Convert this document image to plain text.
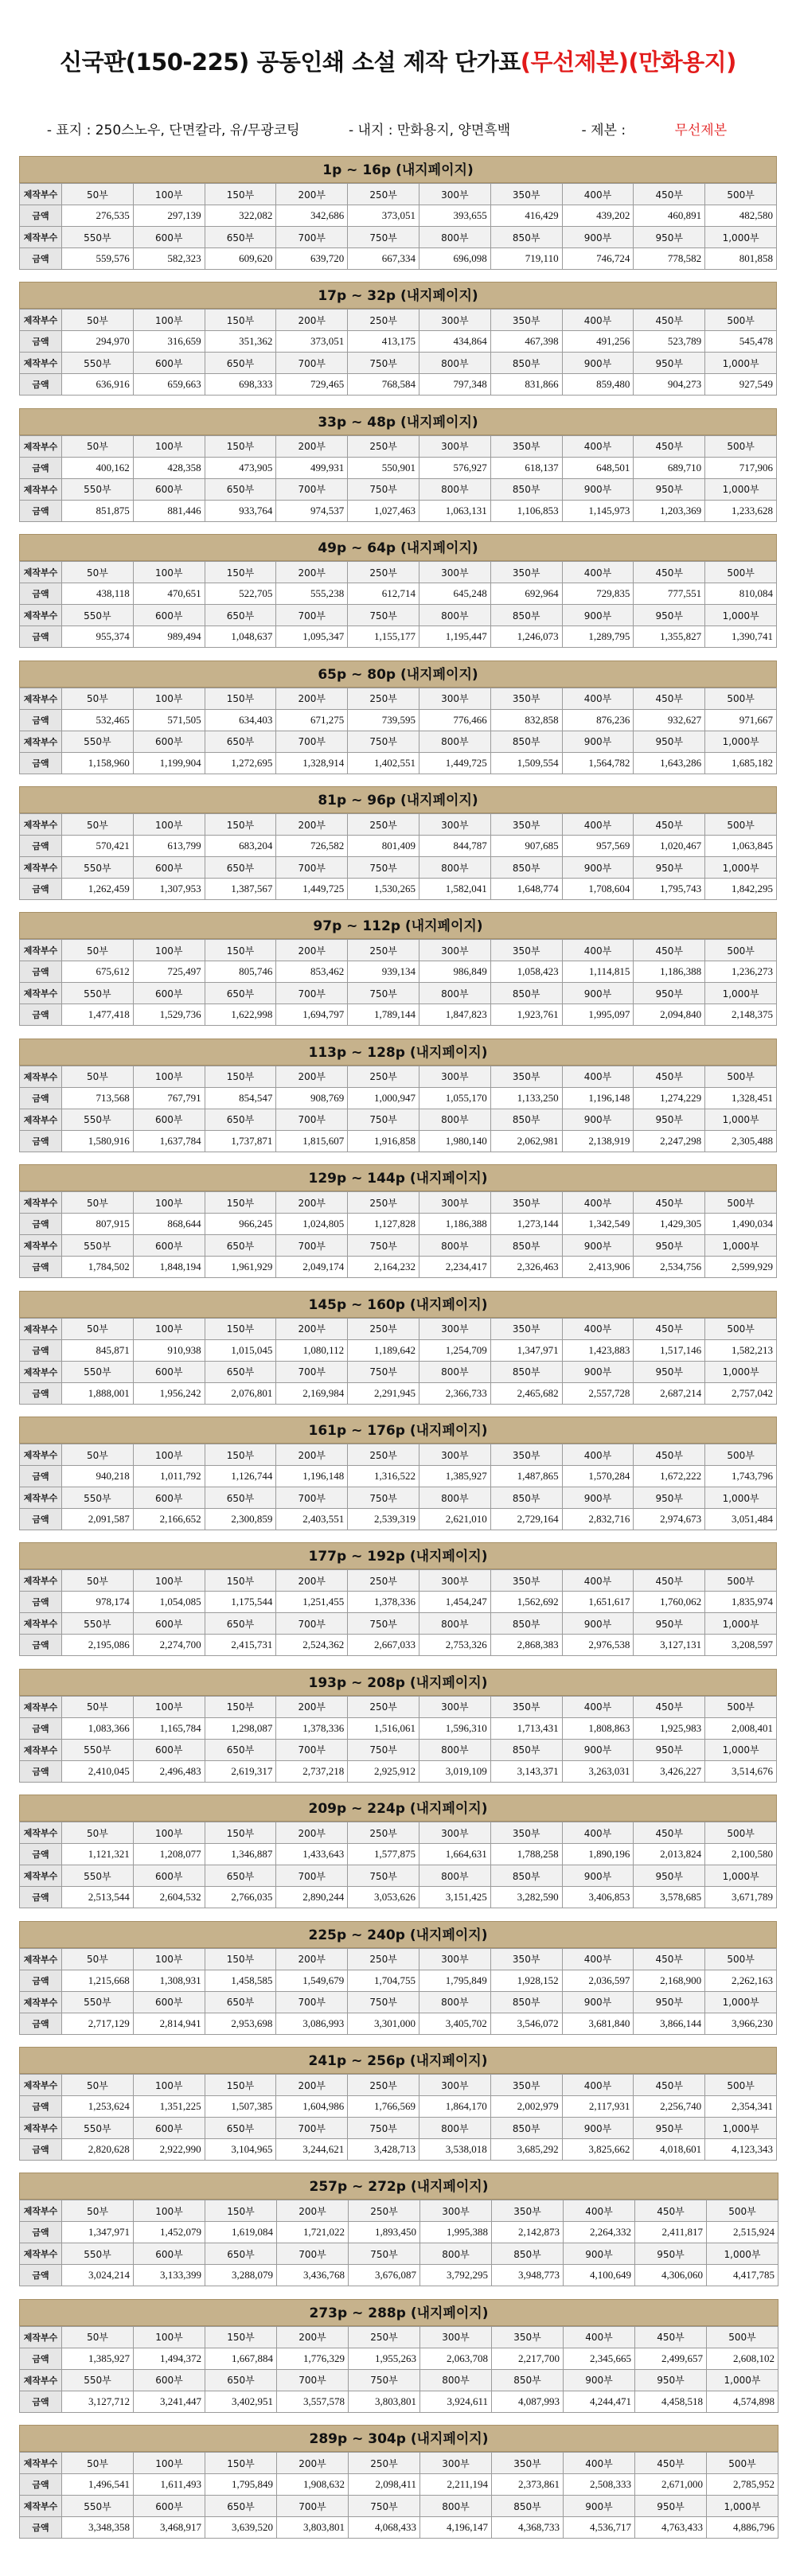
신국판(150-225) 공동인쇄 소설 제작 단가표(무선제본)(만화용지)
- 표지 : 250스노우, 단면칼라, 유/무광코팅	- 내지 : 만화용지, 양면흑백	- 제본 :	무선제본
1p ~ 16p (내지페이지)
제작부수	50부	100부	150부	200부	250부	300부	350부	400부	450부	500부
금액	276,535	297,139	322,082	342,686	373,051	393,655	416,429	439,202	460,891	482,580
제작부수	550부	600부	650부	700부	750부	800부	850부	900부	950부	1,000부
금액	559,576	582,323	609,620	639,720	667,334	696,098	719,110	746,724	778,582	801,858
17p ~ 32p (내지페이지)
제작부수	50부	100부	150부	200부	250부	300부	350부	400부	450부	500부
금액	294,970	316,659	351,362	373,051	413,175	434,864	467,398	491,256	523,789	545,478
제작부수	550부	600부	650부	700부	750부	800부	850부	900부	950부	1,000부
금액	636,916	659,663	698,333	729,465	768,584	797,348	831,866	859,480	904,273	927,549
33p ~ 48p (내지페이지)
제작부수	50부	100부	150부	200부	250부	300부	350부	400부	450부	500부
금액	400,162	428,358	473,905	499,931	550,901	576,927	618,137	648,501	689,710	717,906
제작부수	550부	600부	650부	700부	750부	800부	850부	900부	950부	1,000부
금액	851,875	881,446	933,764	974,537	1,027,463	1,063,131	1,106,853	1,145,973	1,203,369	1,233,628
49p ~ 64p (내지페이지)
제작부수	50부	100부	150부	200부	250부	300부	350부	400부	450부	500부
금액	438,118	470,651	522,705	555,238	612,714	645,248	692,964	729,835	777,551	810,084
제작부수	550부	600부	650부	700부	750부	800부	850부	900부	950부	1,000부
금액	955,374	989,494	1,048,637	1,095,347	1,155,177	1,195,447	1,246,073	1,289,795	1,355,827	1,390,741
65p ~ 80p (내지페이지)
제작부수	50부	100부	150부	200부	250부	300부	350부	400부	450부	500부
금액	532,465	571,505	634,403	671,275	739,595	776,466	832,858	876,236	932,627	971,667
제작부수	550부	600부	650부	700부	750부	800부	850부	900부	950부	1,000부
금액	1,158,960	1,199,904	1,272,695	1,328,914	1,402,551	1,449,725	1,509,554	1,564,782	1,643,286	1,685,182
81p ~ 96p (내지페이지)
제작부수	50부	100부	150부	200부	250부	300부	350부	400부	450부	500부
금액	570,421	613,799	683,204	726,582	801,409	844,787	907,685	957,569	1,020,467	1,063,845
제작부수	550부	600부	650부	700부	750부	800부	850부	900부	950부	1,000부
금액	1,262,459	1,307,953	1,387,567	1,449,725	1,530,265	1,582,041	1,648,774	1,708,604	1,795,743	1,842,295
97p ~ 112p (내지페이지)
제작부수	50부	100부	150부	200부	250부	300부	350부	400부	450부	500부
금액	675,612	725,497	805,746	853,462	939,134	986,849	1,058,423	1,114,815	1,186,388	1,236,273
제작부수	550부	600부	650부	700부	750부	800부	850부	900부	950부	1,000부
금액	1,477,418	1,529,736	1,622,998	1,694,797	1,789,144	1,847,823	1,923,761	1,995,097	2,094,840	2,148,375
113p ~ 128p (내지페이지)
제작부수	50부	100부	150부	200부	250부	300부	350부	400부	450부	500부
금액	713,568	767,791	854,547	908,769	1,000,947	1,055,170	1,133,250	1,196,148	1,274,229	1,328,451
제작부수	550부	600부	650부	700부	750부	800부	850부	900부	950부	1,000부
금액	1,580,916	1,637,784	1,737,871	1,815,607	1,916,858	1,980,140	2,062,981	2,138,919	2,247,298	2,305,488
129p ~ 144p (내지페이지)
제작부수	50부	100부	150부	200부	250부	300부	350부	400부	450부	500부
금액	807,915	868,644	966,245	1,024,805	1,127,828	1,186,388	1,273,144	1,342,549	1,429,305	1,490,034
제작부수	550부	600부	650부	700부	750부	800부	850부	900부	950부	1,000부
금액	1,784,502	1,848,194	1,961,929	2,049,174	2,164,232	2,234,417	2,326,463	2,413,906	2,534,756	2,599,929
145p ~ 160p (내지페이지)
제작부수	50부	100부	150부	200부	250부	300부	350부	400부	450부	500부
금액	845,871	910,938	1,015,045	1,080,112	1,189,642	1,254,709	1,347,971	1,423,883	1,517,146	1,582,213
제작부수	550부	600부	650부	700부	750부	800부	850부	900부	950부	1,000부
금액	1,888,001	1,956,242	2,076,801	2,169,984	2,291,945	2,366,733	2,465,682	2,557,728	2,687,214	2,757,042
161p ~ 176p (내지페이지)
제작부수	50부	100부	150부	200부	250부	300부	350부	400부	450부	500부
금액	940,218	1,011,792	1,126,744	1,196,148	1,316,522	1,385,927	1,487,865	1,570,284	1,672,222	1,743,796
제작부수	550부	600부	650부	700부	750부	800부	850부	900부	950부	1,000부
금액	2,091,587	2,166,652	2,300,859	2,403,551	2,539,319	2,621,010	2,729,164	2,832,716	2,974,673	3,051,484
177p ~ 192p (내지페이지)
제작부수	50부	100부	150부	200부	250부	300부	350부	400부	450부	500부
금액	978,174	1,054,085	1,175,544	1,251,455	1,378,336	1,454,247	1,562,692	1,651,617	1,760,062	1,835,974
제작부수	550부	600부	650부	700부	750부	800부	850부	900부	950부	1,000부
금액	2,195,086	2,274,700	2,415,731	2,524,362	2,667,033	2,753,326	2,868,383	2,976,538	3,127,131	3,208,597
193p ~ 208p (내지페이지)
제작부수	50부	100부	150부	200부	250부	300부	350부	400부	450부	500부
금액	1,083,366	1,165,784	1,298,087	1,378,336	1,516,061	1,596,310	1,713,431	1,808,863	1,925,983	2,008,401
제작부수	550부	600부	650부	700부	750부	800부	850부	900부	950부	1,000부
금액	2,410,045	2,496,483	2,619,317	2,737,218	2,925,912	3,019,109	3,143,371	3,263,031	3,426,227	3,514,676
209p ~ 224p (내지페이지)
제작부수	50부	100부	150부	200부	250부	300부	350부	400부	450부	500부
금액	1,121,321	1,208,077	1,346,887	1,433,643	1,577,875	1,664,631	1,788,258	1,890,196	2,013,824	2,100,580
제작부수	550부	600부	650부	700부	750부	800부	850부	900부	950부	1,000부
금액	2,513,544	2,604,532	2,766,035	2,890,244	3,053,626	3,151,425	3,282,590	3,406,853	3,578,685	3,671,789
225p ~ 240p (내지페이지)
제작부수	50부	100부	150부	200부	250부	300부	350부	400부	450부	500부
금액	1,215,668	1,308,931	1,458,585	1,549,679	1,704,755	1,795,849	1,928,152	2,036,597	2,168,900	2,262,163
제작부수	550부	600부	650부	700부	750부	800부	850부	900부	950부	1,000부
금액	2,717,129	2,814,941	2,953,698	3,086,993	3,301,000	3,405,702	3,546,072	3,681,840	3,866,144	3,966,230
241p ~ 256p (내지페이지)
제작부수	50부	100부	150부	200부	250부	300부	350부	400부	450부	500부
금액	1,253,624	1,351,225	1,507,385	1,604,986	1,766,569	1,864,170	2,002,979	2,117,931	2,256,740	2,354,341
제작부수	550부	600부	650부	700부	750부	800부	850부	900부	950부	1,000부
금액	2,820,628	2,922,990	3,104,965	3,244,621	3,428,713	3,538,018	3,685,292	3,825,662	4,018,601	4,123,343
257p ~ 272p (내지페이지)
제작부수	50부	100부	150부	200부	250부	300부	350부	400부	450부	500부
금액	1,347,971	1,452,079	1,619,084	1,721,022	1,893,450	1,995,388	2,142,873	2,264,332	2,411,817	2,515,924
제작부수	550부	600부	650부	700부	750부	800부	850부	900부	950부	1,000부
금액	3,024,214	3,133,399	3,288,079	3,436,768	3,676,087	3,792,295	3,948,773	4,100,649	4,306,060	4,417,785
273p ~ 288p (내지페이지)
제작부수	50부	100부	150부	200부	250부	300부	350부	400부	450부	500부
금액	1,385,927	1,494,372	1,667,884	1,776,329	1,955,263	2,063,708	2,217,700	2,345,665	2,499,657	2,608,102
제작부수	550부	600부	650부	700부	750부	800부	850부	900부	950부	1,000부
금액	3,127,712	3,241,447	3,402,951	3,557,578	3,803,801	3,924,611	4,087,993	4,244,471	4,458,518	4,574,898
289p ~ 304p (내지페이지)
제작부수	50부	100부	150부	200부	250부	300부	350부	400부	450부	500부
금액	1,496,541	1,611,493	1,795,849	1,908,632	2,098,411	2,211,194	2,373,861	2,508,333	2,671,000	2,785,952
제작부수	550부	600부	650부	700부	750부	800부	850부	900부	950부	1,000부
금액	3,348,358	3,468,917	3,639,520	3,803,801	4,068,433	4,196,147	4,368,733	4,536,717	4,763,433	4,886,796
